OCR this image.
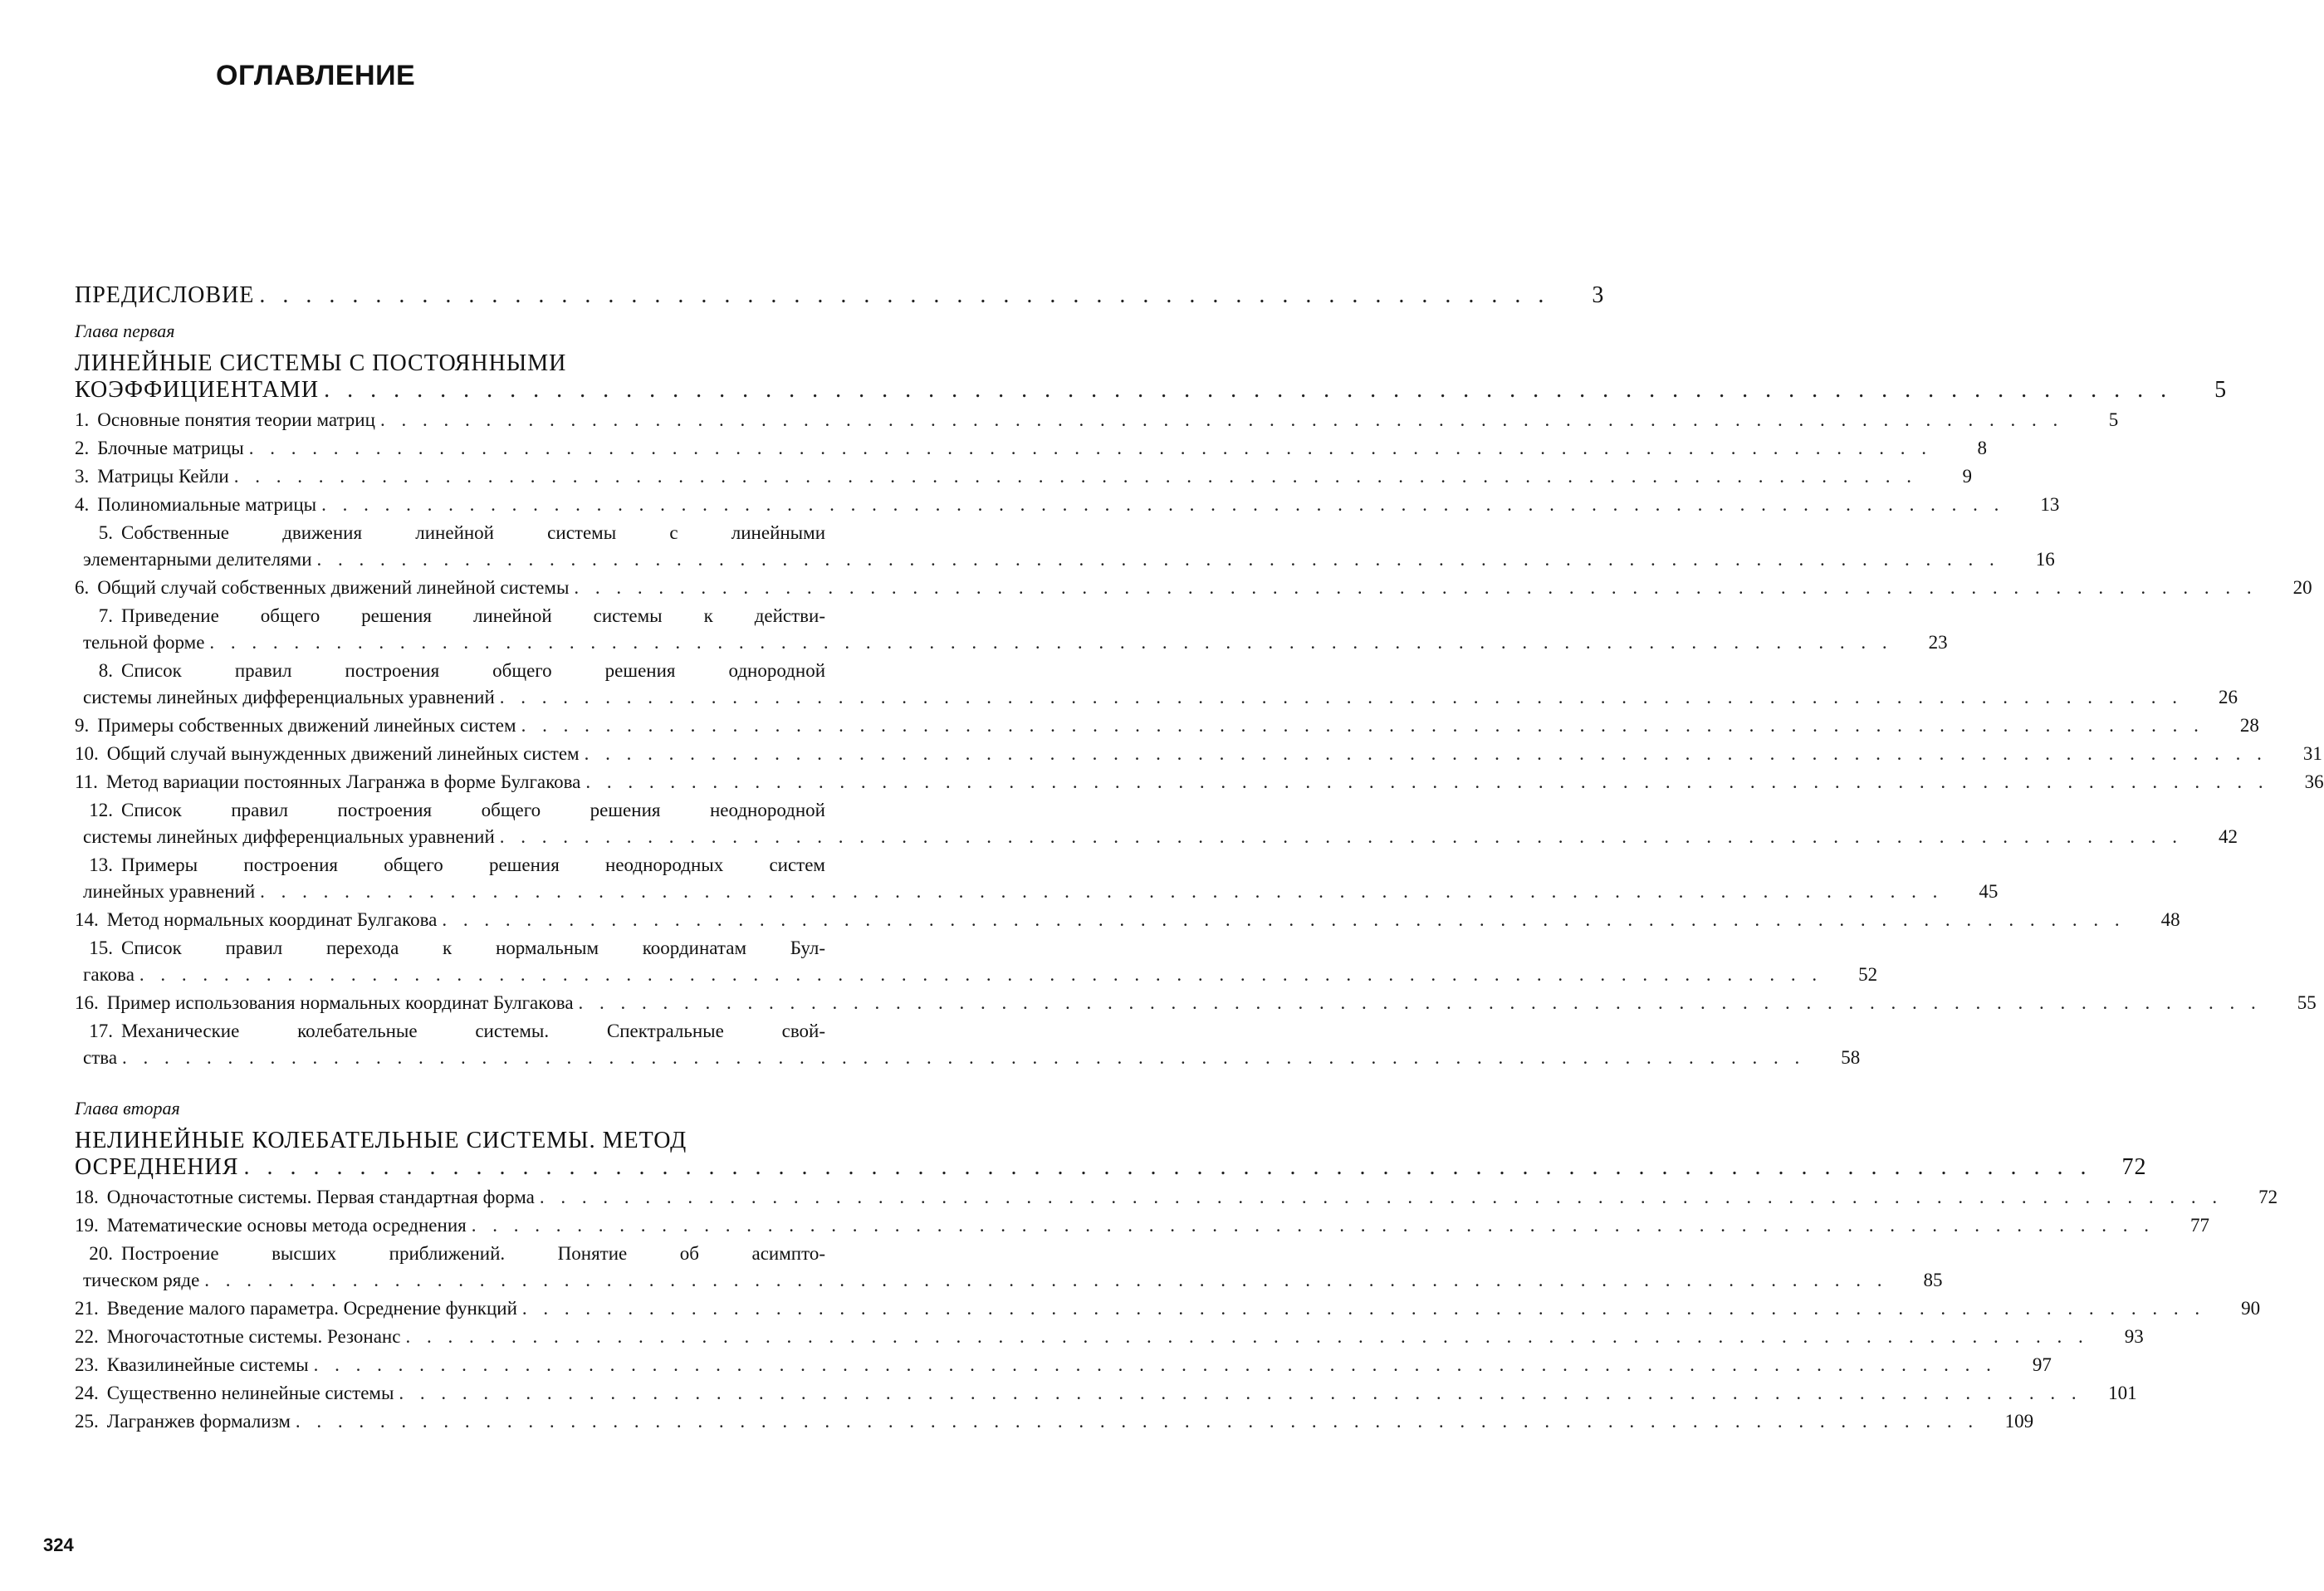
ОГЛАВЛЕНИЕ
ПРЕДИСЛОВИЕ . . . . . . . . . . . . . . . . . . . . . . . . . . . . . . . . . . . . . . . . . . . . . . . . . . . . . . . .	3
Глава первая
ЛИНЕЙНЫЕ СИСТЕМЫ С ПОСТОЯННЫМИ
КОЭФФИЦИЕНТАМИ . . . . . . . . . . . . . . . . . . . . . . . . . . . . . . . . . . . . . . . . . . . . . . . . . . . . . . . . . . . . . . . . . . . . . . . . . . . . . . . .	5
1. Основные понятия теории матриц . . . . . . . . . . . . . . . . . . . . . . . . . . . . . . . . . . . . . . . . . . . . . . . . . . . . . . . . . . . . . . . . . . . . . . . . . . . . . . . .	5
2. Блочные матрицы . . . . . . . . . . . . . . . . . . . . . . . . . . . . . . . . . . . . . . . . . . . . . . . . . . . . . . . . . . . . . . . . . . . . . . . . . . . . . . . .	8
3. Матрицы Кейли . . . . . . . . . . . . . . . . . . . . . . . . . . . . . . . . . . . . . . . . . . . . . . . . . . . . . . . . . . . . . . . . . . . . . . . . . . . . . . . .	9
4. Полиномиальные матрицы . . . . . . . . . . . . . . . . . . . . . . . . . . . . . . . . . . . . . . . . . . . . . . . . . . . . . . . . . . . . . . . . . . . . . . . . . . . . . . . .	13
5. Собственные движения линейной системы с линейными
элементарными делителями . . . . . . . . . . . . . . . . . . . . . . . . . . . . . . . . . . . . . . . . . . . . . . . . . . . . . . . . . . . . . . . . . . . . . . . . . . . . . . . .	16
6. Общий случай собственных движений линейной системы . . . . . . . . . . . . . . . . . . . . . . . . . . . . . . . . . . . . . . . . . . . . . . . . . . . . . . . . . . . . . . . . . . . . . . . . . . . . . . . .	20
7. Приведение общего решения линейной системы к действи-
тельной форме . . . . . . . . . . . . . . . . . . . . . . . . . . . . . . . . . . . . . . . . . . . . . . . . . . . . . . . . . . . . . . . . . . . . . . . . . . . . . . . .	23
8. Список правил построения общего решения однородной
системы линейных дифференциальных уравнений . . . . . . . . . . . . . . . . . . . . . . . . . . . . . . . . . . . . . . . . . . . . . . . . . . . . . . . . . . . . . . . . . . . . . . . . . . . . . . . .	26
9. Примеры собственных движений линейных систем . . . . . . . . . . . . . . . . . . . . . . . . . . . . . . . . . . . . . . . . . . . . . . . . . . . . . . . . . . . . . . . . . . . . . . . . . . . . . . . .	28
10. Общий случай вынужденных движений линейных систем . . . . . . . . . . . . . . . . . . . . . . . . . . . . . . . . . . . . . . . . . . . . . . . . . . . . . . . . . . . . . . . . . . . . . . . . . . . . . . . .	31
11. Метод вариации постоянных Лагранжа в форме Булгакова . . . . . . . . . . . . . . . . . . . . . . . . . . . . . . . . . . . . . . . . . . . . . . . . . . . . . . . . . . . . . . . . . . . . . . . . . . . . . . . .	36
12. Список правил построения общего решения неоднородной
системы линейных дифференциальных уравнений . . . . . . . . . . . . . . . . . . . . . . . . . . . . . . . . . . . . . . . . . . . . . . . . . . . . . . . . . . . . . . . . . . . . . . . . . . . . . . . .	42
13. Примеры построения общего решения неоднородных систем
линейных уравнений . . . . . . . . . . . . . . . . . . . . . . . . . . . . . . . . . . . . . . . . . . . . . . . . . . . . . . . . . . . . . . . . . . . . . . . . . . . . . . . .	45
14. Метод нормальных координат Булгакова . . . . . . . . . . . . . . . . . . . . . . . . . . . . . . . . . . . . . . . . . . . . . . . . . . . . . . . . . . . . . . . . . . . . . . . . . . . . . . . .	48
15. Список правил перехода к нормальным координатам Бул-
гакова . . . . . . . . . . . . . . . . . . . . . . . . . . . . . . . . . . . . . . . . . . . . . . . . . . . . . . . . . . . . . . . . . . . . . . . . . . . . . . . .	52
16. Пример использования нормальных координат Булгакова . . . . . . . . . . . . . . . . . . . . . . . . . . . . . . . . . . . . . . . . . . . . . . . . . . . . . . . . . . . . . . . . . . . . . . . . . . . . . . . .	55
17. Механические колебательные системы. Спектральные свой-
ства . . . . . . . . . . . . . . . . . . . . . . . . . . . . . . . . . . . . . . . . . . . . . . . . . . . . . . . . . . . . . . . . . . . . . . . . . . . . . . . .	58
Глава вторая
НЕЛИНЕЙНЫЕ КОЛЕБАТЕЛЬНЫЕ СИСТЕМЫ. МЕТОД
ОСРЕДНЕНИЯ . . . . . . . . . . . . . . . . . . . . . . . . . . . . . . . . . . . . . . . . . . . . . . . . . . . . . . . . . . . . . . . . . . . . . . . . . . . . . . . .	72
18. Одночастотные системы. Первая стандартная форма . . . . . . . . . . . . . . . . . . . . . . . . . . . . . . . . . . . . . . . . . . . . . . . . . . . . . . . . . . . . . . . . . . . . . . . . . . . . . . . .	72
19. Математические основы метода осреднения . . . . . . . . . . . . . . . . . . . . . . . . . . . . . . . . . . . . . . . . . . . . . . . . . . . . . . . . . . . . . . . . . . . . . . . . . . . . . . . .	77
20. Построение высших приближений. Понятие об асимпто-
тическом ряде . . . . . . . . . . . . . . . . . . . . . . . . . . . . . . . . . . . . . . . . . . . . . . . . . . . . . . . . . . . . . . . . . . . . . . . . . . . . . . . .	85
21. Введение малого параметра. Осреднение функций . . . . . . . . . . . . . . . . . . . . . . . . . . . . . . . . . . . . . . . . . . . . . . . . . . . . . . . . . . . . . . . . . . . . . . . . . . . . . . . .	90
22. Многочастотные системы. Резонанс . . . . . . . . . . . . . . . . . . . . . . . . . . . . . . . . . . . . . . . . . . . . . . . . . . . . . . . . . . . . . . . . . . . . . . . . . . . . . . . .	93
23. Квазилинейные системы . . . . . . . . . . . . . . . . . . . . . . . . . . . . . . . . . . . . . . . . . . . . . . . . . . . . . . . . . . . . . . . . . . . . . . . . . . . . . . . .	97
24. Существенно нелинейные системы . . . . . . . . . . . . . . . . . . . . . . . . . . . . . . . . . . . . . . . . . . . . . . . . . . . . . . . . . . . . . . . . . . . . . . . . . . . . . . . .	101
25. Лагранжев формализм . . . . . . . . . . . . . . . . . . . . . . . . . . . . . . . . . . . . . . . . . . . . . . . . . . . . . . . . . . . . . . . . . . . . . . . . . . . . . . . .	109
324
